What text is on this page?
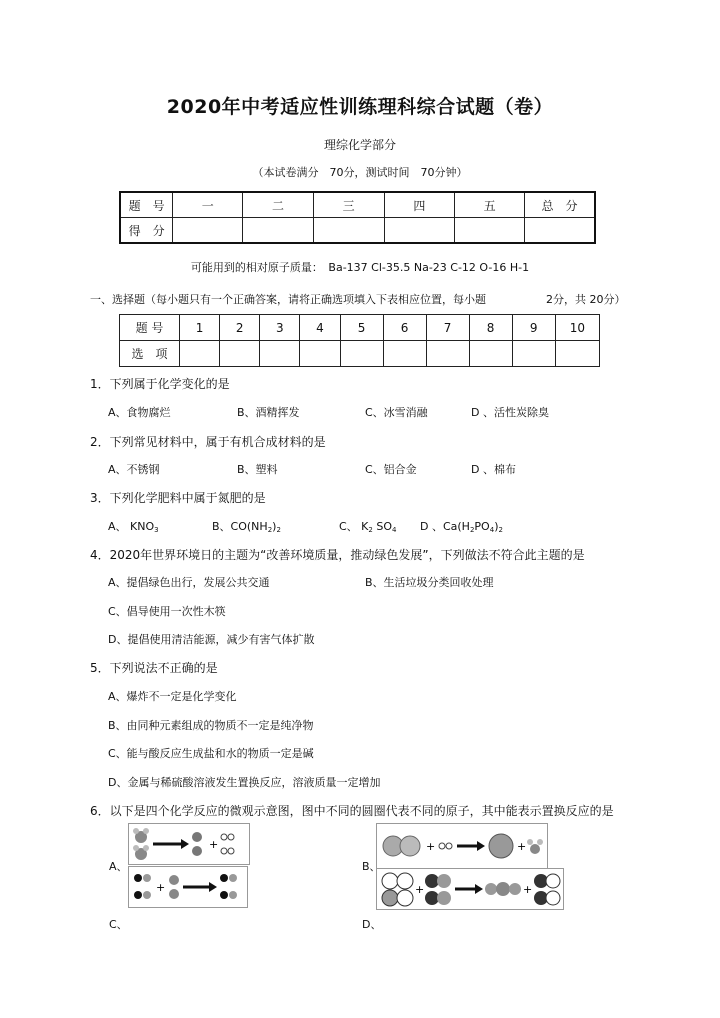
2020年中考适应性训练理科综合试题（卷）
理综化学部分
（本试卷满分　70分，测试时间　70分钟）
题　号	一	二	三	四	五	总　分
得　分						
可能用到的相对原子质量：　Ba-137 Cl-35.5 Na-23 C-12 O-16 H-1
一、选择题（每小题只有一个正确答案，请将正确选项填入下表相应位置，每小题	2分，共 20分）
题 号	1	2	3	4	5	6	7	8	9	10
选　项										
1．下列属于化学变化的是
A、食物腐烂	B、酒精挥发	C、冰雪消融	D 、活性炭除臭
2．下列常见材料中，属于有机合成材料的是
A、不锈钢	B、塑料	C、铝合金	D 、棉布
3．下列化学肥料中属于氮肥的是
A、 KNO3	B、CO(NH2)2	C、 K2 SO4 D 、Ca(H2PO4)2
4．2020年世界环境日的主题为“改善环境质量，推动绿色发展”，下列做法不符合此主题的是
A、提倡绿色出行，发展公共交通	B、生活垃圾分类回收处理
C、倡导使用一次性木筷
D、提倡使用清洁能源，减少有害气体扩散
5．下列说法不正确的是
A、爆炸不一定是化学变化
B、由同种元素组成的物质不一定是纯净物
C、能与酸反应生成盐和水的物质一定是碱
D、金属与稀硫酸溶液发生置换反应，溶液质量一定增加
6．以下是四个化学反应的微观示意图，图中不同的圆圈代表不同的原子，其中能表示置换反应的是
A、	B、
C、	D、
+
+
+	+
+	+
